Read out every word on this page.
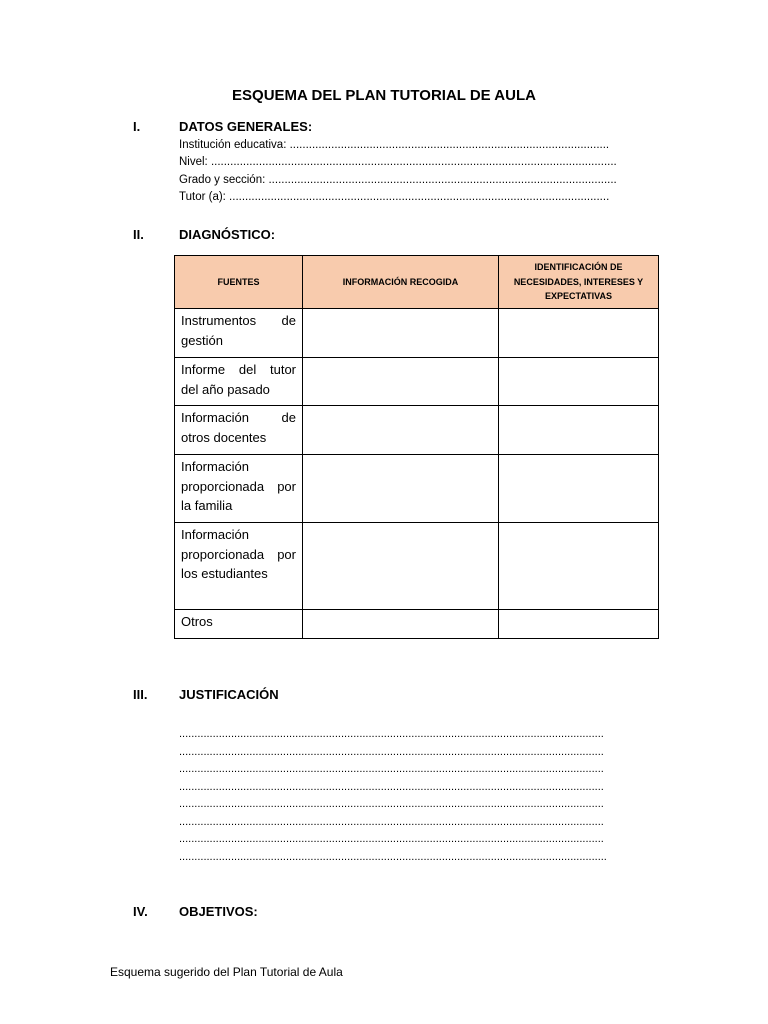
ESQUEMA DEL PLAN TUTORIAL DE AULA
I.	DATOS GENERALES:
Institución educativa: ....................................................................................................
Nivel: ...............................................................................................................................
Grado y sección: .............................................................................................................
Tutor (a): .......................................................................................................................
II.	DIAGNÓSTICO:
FUENTES	INFORMACIÓN RECOGIDA	IDENTIFICACIÓN DE NECESIDADES, INTERESES Y EXPECTATIVAS
Instrumentos de gestión		
Informe del tutor del año pasado		
Información de otros docentes		
Información proporcionada por la familia		
Información proporcionada por los estudiantes		
Otros		
III. JUSTIFICACIÓN
...........................................................................................................................................
...........................................................................................................................................
...........................................................................................................................................
...........................................................................................................................................
...........................................................................................................................................
...........................................................................................................................................
...........................................................................................................................................
............................................................................................................................................
IV. OBJETIVOS:
Esquema sugerido del Plan Tutorial de Aula
